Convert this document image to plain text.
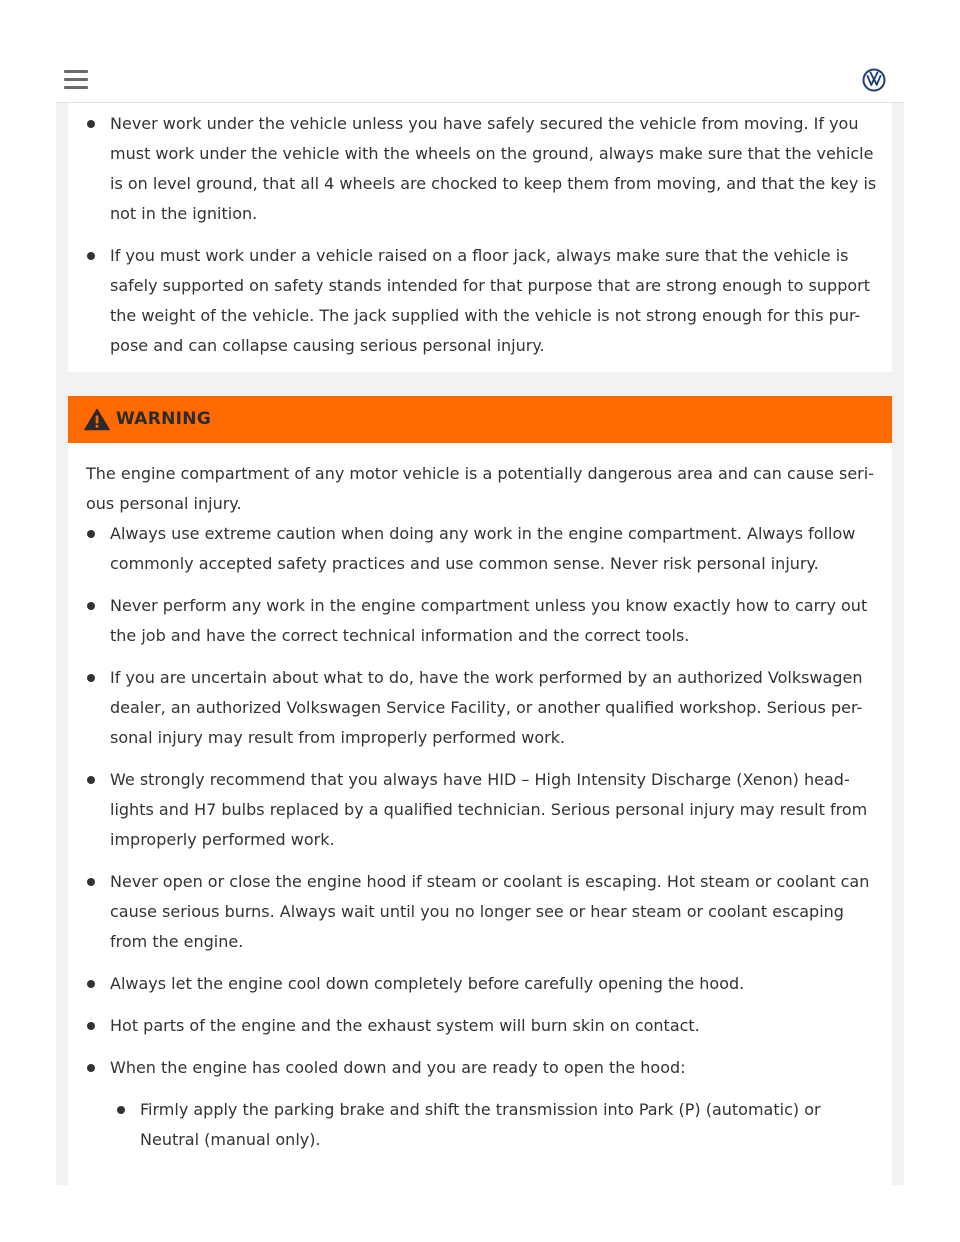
Never work under the vehicle unless you have safely secured the vehicle from moving. If you must work under the vehicle with the wheels on the ground, always make sure that the vehicle is on level ground, that all 4 wheels are chocked to keep them from moving, and that the key is not in the ignition.
If you must work under a vehicle raised on a floor jack, always make sure that the vehicle is safely supported on safety stands intended for that purpose that are strong enough to support the weight of the vehicle. The jack supplied with the vehicle is not strong enough for this pur-pose and can collapse causing serious personal injury.
WARNING
The engine compartment of any motor vehicle is a potentially dangerous area and can cause seri-ous personal injury.
Always use extreme caution when doing any work in the engine compartment. Always follow commonly accepted safety practices and use common sense. Never risk personal injury.
Never perform any work in the engine compartment unless you know exactly how to carry out the job and have the correct technical information and the correct tools.
If you are uncertain about what to do, have the work performed by an authorized Volkswagen dealer, an authorized Volkswagen Service Facility, or another qualified workshop. Serious per-sonal injury may result from improperly performed work.
We strongly recommend that you always have HID – High Intensity Discharge (Xenon) head-lights and H7 bulbs replaced by a qualified technician. Serious personal injury may result from improperly performed work.
Never open or close the engine hood if steam or coolant is escaping. Hot steam or coolant can cause serious burns. Always wait until you no longer see or hear steam or coolant escaping from the engine.
Always let the engine cool down completely before carefully opening the hood.
Hot parts of the engine and the exhaust system will burn skin on contact.
When the engine has cooled down and you are ready to open the hood:
Firmly apply the parking brake and shift the transmission into Park (P) (automatic) or Neutral (manual only).
